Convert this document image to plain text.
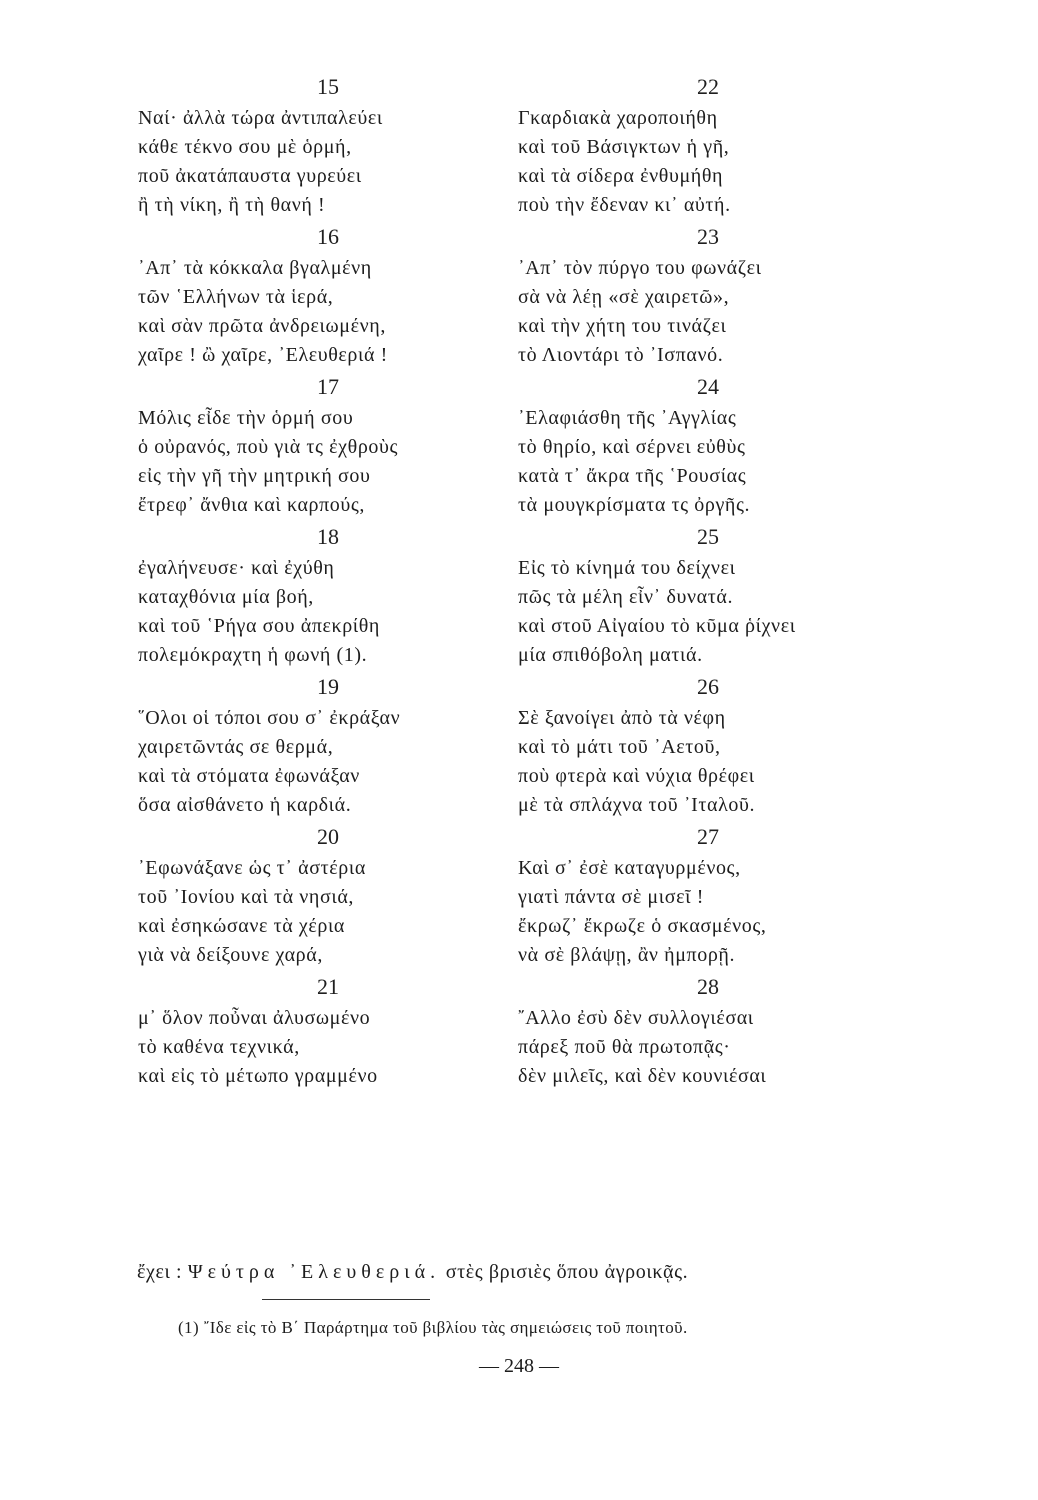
15
Ναί· ἀλλὰ τώρα ἀντιπαλεύει
κάθε τέκνο σου μὲ ὁρμή,
ποῦ ἀκατάπαυστα γυρεύει
ἢ τὴ νίκη, ἢ τὴ θανή !
16
᾿Απ᾿ τὰ κόκκαλα βγαλμένη
τῶν ῾Ελλήνων τὰ ἱερά,
καὶ σὰν πρῶτα ἀνδρειωμένη,
χαῖρε ! ὢ χαῖρε, ᾿Ελευθεριά !
17
Μόλις εἶδε τὴν ὁρμή σου
ὁ οὐρανός, ποὺ γιὰ τς ἐχθροὺς
εἰς τὴν γῆ τὴν μητρική σου
ἔτρεφ᾿ ἄνθια καὶ καρπούς,
18
ἐγαλήνευσε· καὶ ἐχύθη
καταχθόνια μία βοή,
καὶ τοῦ ῾Ρήγα σου ἀπεκρίθη
πολεμόκραχτη ἡ φωνή (1).
19
῞Ολοι οἱ τόποι σου σ᾿ ἐκράξαν
χαιρετῶντάς σε θερμά,
καὶ τὰ στόματα ἐφωνάξαν
ὅσα αἰσθάνετο ἡ καρδιά.
20
᾿Εφωνάξανε ὡς τ᾿ ἀστέρια
τοῦ ᾿Ιονίου καὶ τὰ νησιά,
καὶ ἐσηκώσανε τὰ χέρια
γιὰ νὰ δείξουνε χαρά,
21
μ᾿ ὅλον ποὖναι ἀλυσωμένο
τὸ καθένα τεχνικά,
καὶ εἰς τὸ μέτωπο γραμμένο
22
Γκαρδιακὰ χαροποιήθη
καὶ τοῦ Βάσιγκτων ἡ γῆ,
καὶ τὰ σίδερα ἐνθυμήθη
πoὺ τὴν ἔδεναν κι᾿ αὐτή.
23
᾿Απ᾿ τὸν πύργο του φωνάζει
σὰ νὰ λέῃ «σὲ χαιρετῶ»,
καὶ τὴν χήτη του τινάζει
τὸ Λιοντάρι τὸ ᾿Ισπανό.
24
᾿Ελαφιάσθη τῆς ᾿Αγγλίας
τὸ θηρίο, καὶ σέρνει εὐθὺς
κατὰ τ᾿ ἄκρα τῆς ῾Ρουσίας
τὰ μουγκρίσματα τς ὀργῆς.
25
Εἰς τὸ κίνημά του δείχνει
πῶς τὰ μέλη εἶν᾿ δυνατά.
καὶ στοῦ Αἰγαίου τὸ κῦμα ῥίχνει
μία σπιθόβολη ματιά.
26
Σὲ ξανοίγει ἀπὸ τὰ νέφη
καὶ τὸ μάτι τοῦ ᾿Αετοῦ,
ποὺ φτερὰ καὶ νύχια θρέφει
μὲ τὰ σπλάχνα τοῦ ᾿Ιταλοῦ.
27
Καὶ σ᾿ ἐσὲ καταγυρμένος,
γιατὶ πάντα σὲ μισεῖ !
ἔκρωζ᾿ ἔκρωζε ὁ σκασμένος,
νὰ σὲ βλάψῃ, ἂν ἠμπορῇ.
28
῎Αλλο ἐσὺ δὲν συλλογιέσαι
πάρεξ ποῦ θὰ πρωτοπᾷς·
δὲν μιλεῖς, καὶ δὲν κουνιέσαι
ἔχει : Ψεύτρα ᾿Ελευθεριά. στὲς βρισιὲς ὅπου ἀγροικᾷς.
(1) ῎Ιδε εἰς τὸ Β΄ Παράρτημα τοῦ βιβλίου τὰς σημειώσεις τοῦ ποιητοῦ.
— 248 —
